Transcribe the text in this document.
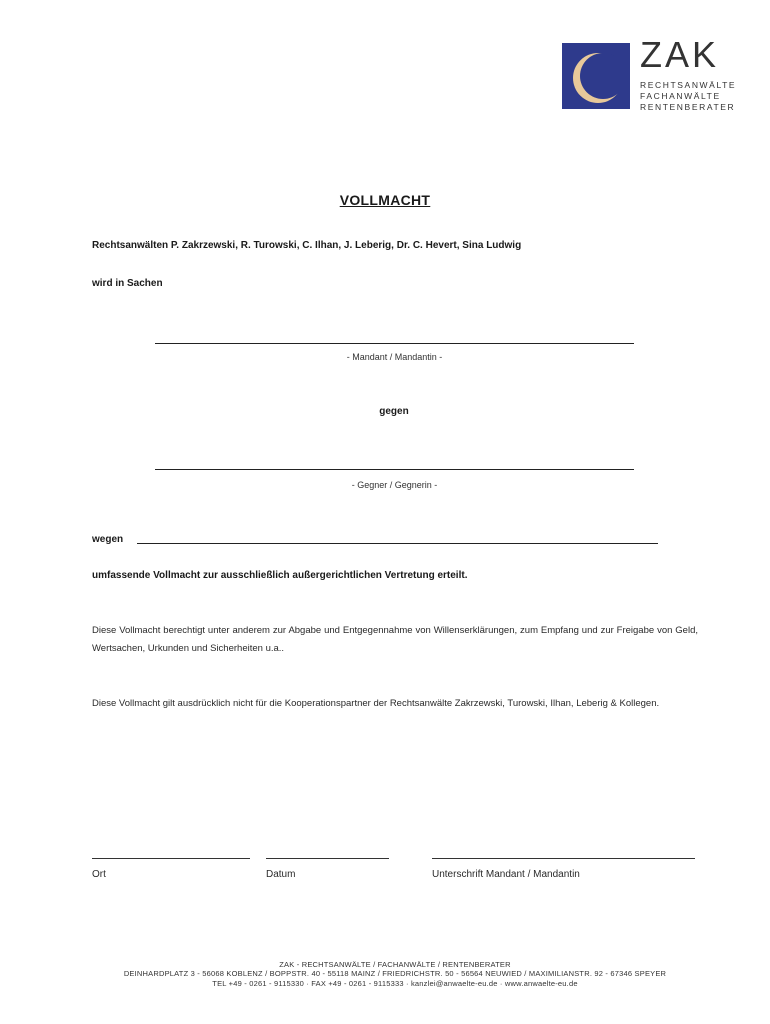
ZAK
RECHTSANWÄLTE
FACHANWÄLTE
RENTENBERATER
VOLLMACHT
Rechtsanwälten P. Zakrzewski, R. Turowski, C. Ilhan, J. Leberig, Dr. C. Hevert, Sina Ludwig
wird in Sachen
- Mandant / Mandantin -
gegen
- Gegner / Gegnerin -
wegen
umfassende Vollmacht zur ausschließlich außergerichtlichen Vertretung erteilt.
Diese Vollmacht berechtigt unter anderem zur Abgabe und Entgegennahme von Willenserklärungen, zum Empfang und zur Freigabe von Geld, Wertsachen, Urkunden und Sicherheiten u.a..
Diese Vollmacht gilt ausdrücklich nicht für die Kooperationspartner der Rechtsanwälte Zakrzewski, Turowski, Ilhan, Leberig & Kollegen.
Ort	Datum	Unterschrift Mandant / Mandantin
ZAK - RECHTSANWÄLTE / FACHANWÄLTE / RENTENBERATER
DEINHARDPLATZ 3 - 56068 KOBLENZ / BOPPSTR. 40 - 55118 MAINZ / FRIEDRICHSTR. 50 - 56564 NEUWIED / MAXIMILIANSTR. 92 - 67346 SPEYER
TEL +49 - 0261 - 9115330 · FAX +49 - 0261 - 9115333 · kanzlei@anwaelte-eu.de · www.anwaelte-eu.de
